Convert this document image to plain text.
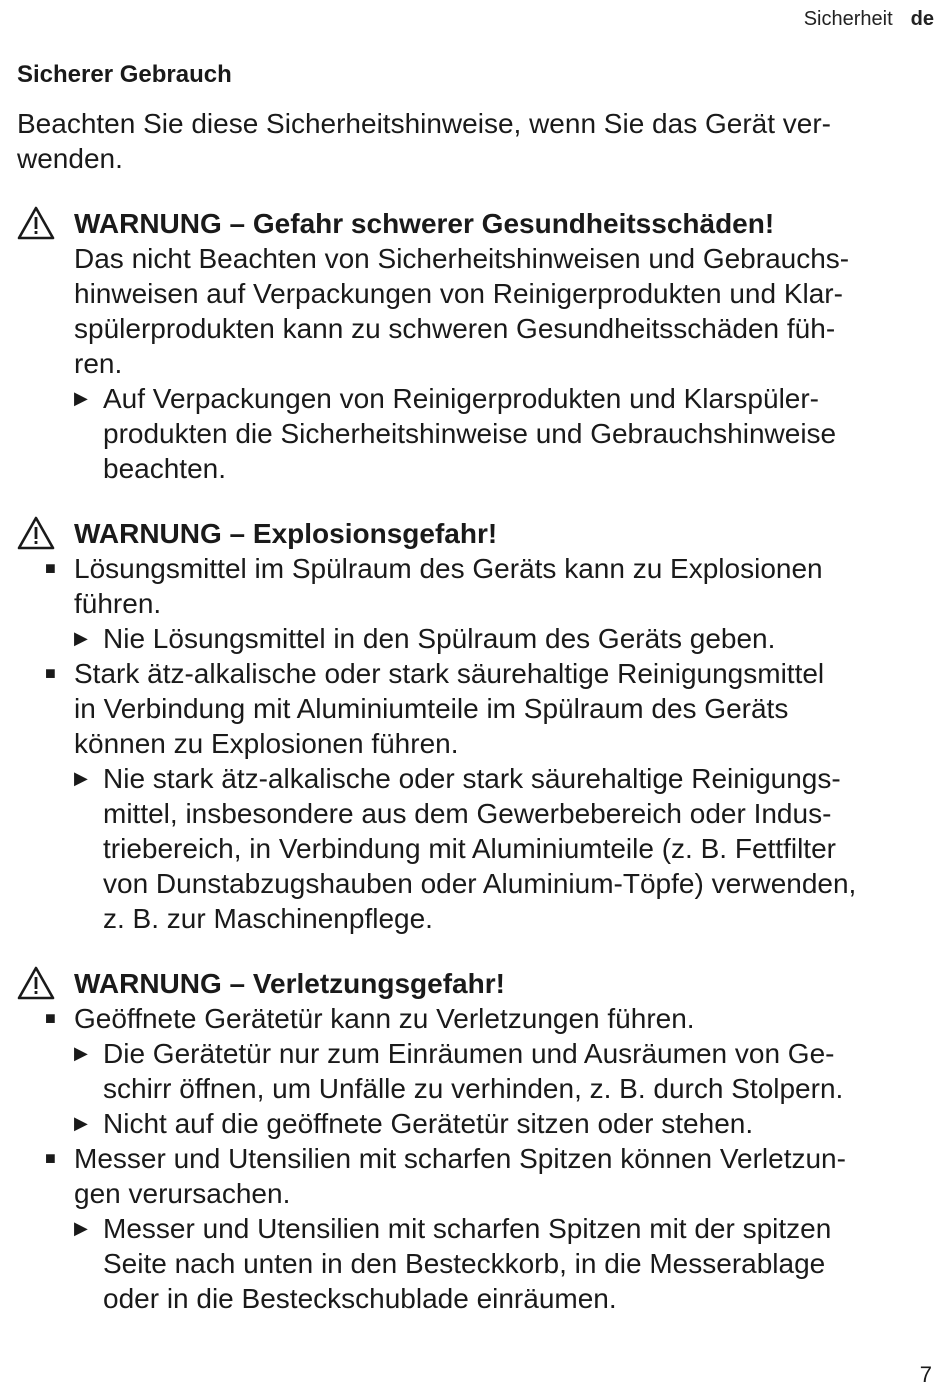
Sicherheit de

Sicherer Gebrauch

Beachten Sie diese Sicherheitshinweise, wenn Sie das Gerät ver-
wenden.

WARNUNG – Gefahr schwerer Gesundheitsschäden!
Das nicht Beachten von Sicherheitshinweisen und Gebrauchs-
hinweisen auf Verpackungen von Reinigerprodukten und Klar-
spülerprodukten kann zu schweren Gesundheitsschäden füh-
ren.
▶ Auf Verpackungen von Reinigerprodukten und Klarspüler-
produkten die Sicherheitshinweise und Gebrauchshinweise
beachten.
WARNUNG – Explosionsgefahr!
■ Lösungsmittel im Spülraum des Geräts kann zu Explosionen
führen.
▶ Nie Lösungsmittel in den Spülraum des Geräts geben.
■ Stark ätz-alkalische oder stark säurehaltige Reinigungsmittel
in Verbindung mit Aluminiumteile im Spülraum des Geräts
können zu Explosionen führen.
▶ Nie stark ätz-alkalische oder stark säurehaltige Reinigungs-
mittel, insbesondere aus dem Gewerbebereich oder Indus-
triebereich, in Verbindung mit Aluminiumteile (z. B. Fettfilter
von Dunstabzugshauben oder Aluminium-Töpfe) verwenden,
z. B. zur Maschinenpflege.
WARNUNG – Verletzungsgefahr!
■ Geöffnete Gerätetür kann zu Verletzungen führen.
▶ Die Gerätetür nur zum Einräumen und Ausräumen von Ge-
schirr öffnen, um Unfälle zu verhinden, z. B. durch Stolpern.
▶ Nicht auf die geöffnete Gerätetür sitzen oder stehen.
■ Messer und Utensilien mit scharfen Spitzen können Verletzun-
gen verursachen.
▶ Messer und Utensilien mit scharfen Spitzen mit der spitzen
Seite nach unten in den Besteckkorb, in die Messerablage
oder in die Besteckschublade einräumen.
7
